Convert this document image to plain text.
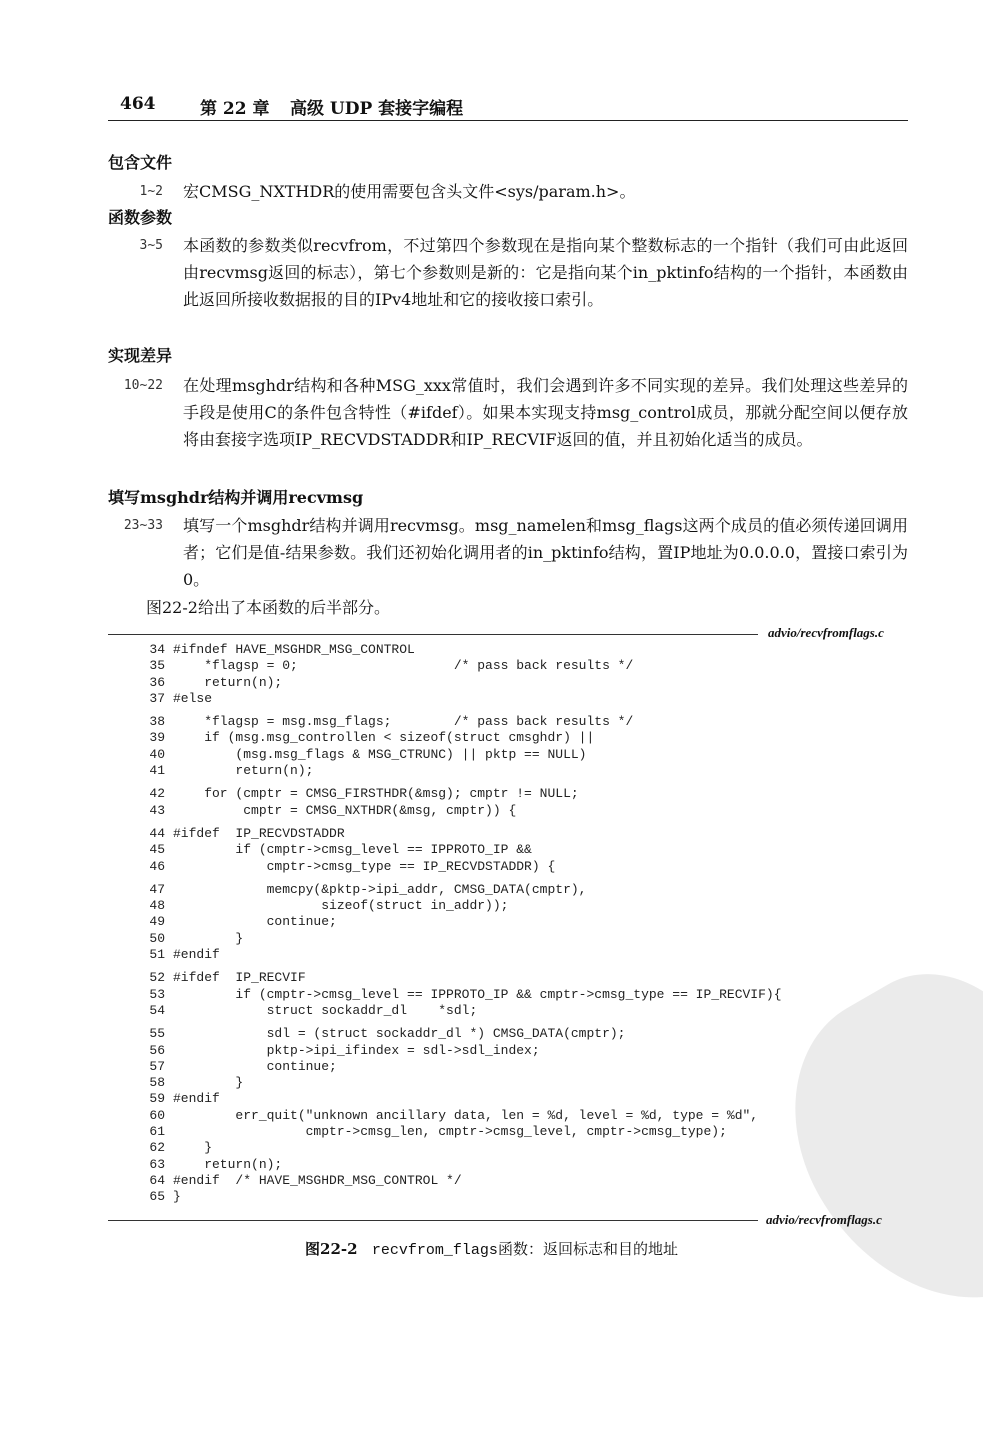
464	第 22 章 高级 UDP 套接字编程
包含文件
1~2 宏CMSG_NXTHDR的使用需要包含头文件<sys/param.h>。
函数参数
3~5 本函数的参数类似recvfrom，不过第四个参数现在是指向某个整数标志的一个指针（我们可由此返回由recvmsg返回的标志），第七个参数则是新的：它是指向某个in_pktinfo结构的一个指针，本函数由此返回所接收数据报的目的IPv4地址和它的接收接口索引。
实现差异
10~22 在处理msghdr结构和各种MSG_xxx常值时，我们会遇到许多不同实现的差异。我们处理这些差异的手段是使用C的条件包含特性（#ifdef）。如果本实现支持msg_control成员，那就分配空间以便存放将由套接字选项IP_RECVDSTADDR和IP_RECVIF返回的值，并且初始化适当的成员。
填写msghdr结构并调用recvmsg
23~33 填写一个msghdr结构并调用recvmsg。msg_namelen和msg_flags这两个成员的值必须传递回调用者；它们是值-结果参数。我们还初始化调用者的in_pktinfo结构，置IP地址为0.0.0.0，置接口索引为0。
图22-2给出了本函数的后半部分。
advio/recvfromflags.c
34 #ifndef HAVE_MSGHDR_MSG_CONTROL
35    *flagsp = 0;                    /* pass back results */
36    return(n);
37 #else
38    *flagsp = msg.msg_flags;        /* pass back results */
39    if (msg.msg_controllen < sizeof(struct cmsghdr) ||
40        (msg.msg_flags & MSG_CTRUNC) || pktp == NULL)
41        return(n);
42    for (cmptr = CMSG_FIRSTHDR(&msg); cmptr != NULL;
43         cmptr = CMSG_NXTHDR(&msg, cmptr)) {
44 #ifdef  IP_RECVDSTADDR
45        if (cmptr->cmsg_level == IPPROTO_IP &&
46            cmptr->cmsg_type == IP_RECVDSTADDR) {
47            memcpy(&pktp->ipi_addr, CMSG_DATA(cmptr),
48                   sizeof(struct in_addr));
49            continue;
50        }
51 #endif
52 #ifdef  IP_RECVIF
53        if (cmptr->cmsg_level == IPPROTO_IP && cmptr->cmsg_type == IP_RECVIF){
54            struct sockaddr_dl    *sdl;
55            sdl = (struct sockaddr_dl *) CMSG_DATA(cmptr);
56            pktp->ipi_ifindex = sdl->sdl_index;
57            continue;
58        }
59 #endif
60        err_quit("unknown ancillary data, len = %d, level = %d, type = %d",
61                 cmptr->cmsg_len, cmptr->cmsg_level, cmptr->cmsg_type);
62    }
63    return(n);
64 #endif  /* HAVE_MSGHDR_MSG_CONTROL */
65 }
advio/recvfromflags.c
图22-2 recvfrom_flags函数：返回标志和目的地址
